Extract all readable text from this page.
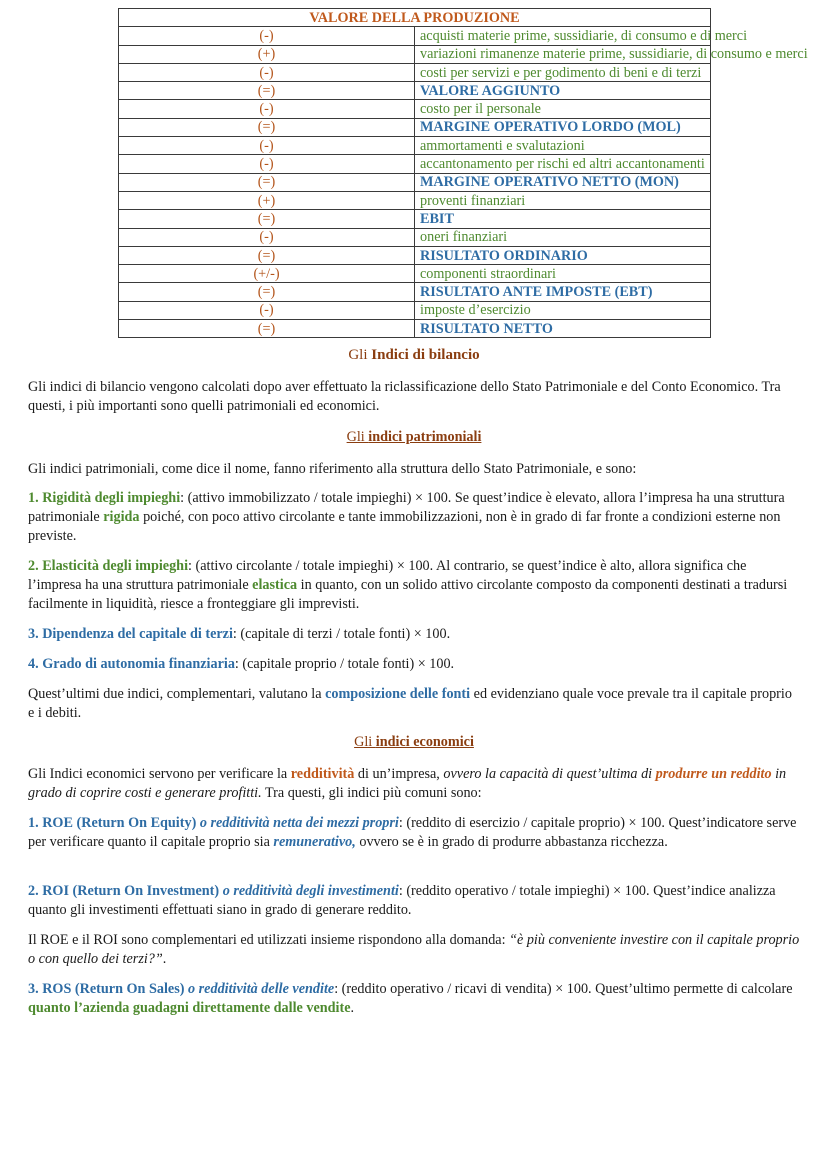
VALORE DELLA PRODUZIONE	
(-)	acquisti materie prime, sussidiarie, di consumo e di merci
(+)	variazioni rimanenze materie prime, sussidiarie, di consumo e merci
(-)	costi per servizi e per godimento di beni e di terzi
(=)	VALORE AGGIUNTO
(-)	costo per il personale
(=)	MARGINE OPERATIVO LORDO (MOL)
(-)	ammortamenti e svalutazioni
(-)	accantonamento per rischi ed altri accantonamenti
(=)	MARGINE OPERATIVO NETTO (MON)
(+)	proventi finanziari
(=)	EBIT
(-)	oneri finanziari
(=)	RISULTATO ORDINARIO
(+/-)	componenti straordinari
(=)	RISULTATO ANTE IMPOSTE (EBT)
(-)	imposte d’esercizio
(=)	RISULTATO NETTO
Gli Indici di bilancio

Gli indici di bilancio vengono calcolati dopo aver effettuato la riclassificazione dello Stato Patrimoniale e del Conto Economico. Tra questi, i più importanti sono quelli patrimoniali ed economici.

Gli indici patrimoniali

Gli indici patrimoniali, come dice il nome, fanno riferimento alla struttura dello Stato Patrimoniale, e sono:

1. Rigidità degli impieghi: (attivo immobilizzato / totale impieghi) × 100. Se quest’indice è elevato, allora l’impresa ha una struttura patrimoniale rigida poiché, con poco attivo circolante e tante immobilizzazioni, non è in grado di far fronte a condizioni esterne non previste.

2. Elasticità degli impieghi: (attivo circolante / totale impieghi) × 100. Al contrario, se quest’indice è alto, allora significa che l’impresa ha una struttura patrimoniale elastica in quanto, con un solido attivo circolante composto da componenti destinati a tradursi facilmente in liquidità, riesce a fronteggiare gli imprevisti.

3. Dipendenza del capitale di terzi: (capitale di terzi / totale fonti) × 100.

4. Grado di autonomia finanziaria: (capitale proprio / totale fonti) × 100.

Quest’ultimi due indici, complementari, valutano la composizione delle fonti ed evidenziano quale voce prevale tra il capitale proprio e i debiti.

Gli indici economici

Gli Indici economici servono per verificare la redditività di un’impresa, ovvero la capacità di quest’ultima di produrre un reddito in grado di coprire costi e generare profitti. Tra questi, gli indici più comuni sono:

1. ROE (Return On Equity) o redditività netta dei mezzi propri: (reddito di esercizio / capitale proprio) × 100. Quest’indicatore serve per verificare quanto il capitale proprio sia remunerativo, ovvero se è in grado di produrre abbastanza ricchezza.

2. ROI (Return On Investment) o redditività degli investimenti: (reddito operativo / totale impieghi) × 100. Quest’indice analizza quanto gli investimenti effettuati siano in grado di generare reddito.

Il ROE e il ROI sono complementari ed utilizzati insieme rispondono alla domanda: “è più conveniente investire con il capitale proprio o con quello dei terzi?”.

3. ROS (Return On Sales) o redditività delle vendite: (reddito operativo / ricavi di vendita) × 100. Quest’ultimo permette di calcolare quanto l’azienda guadagni direttamente dalle vendite.
